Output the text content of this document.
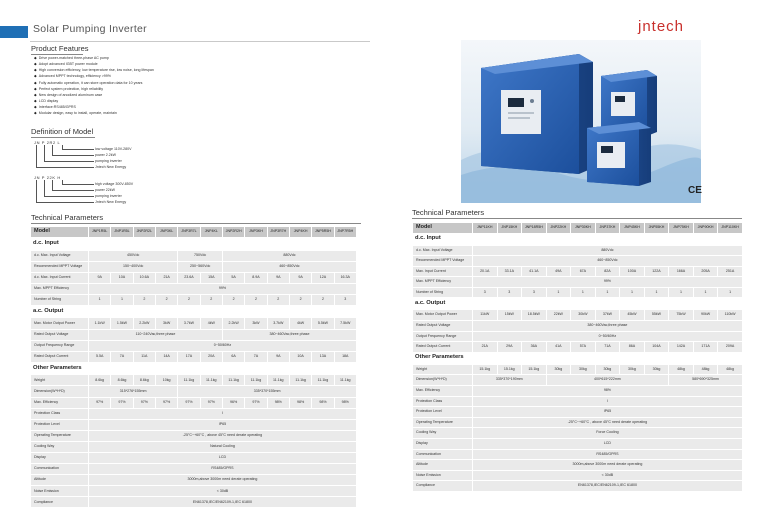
Solar Pumping Inverter
Product Features
◆ Drive power-matched three-phase AC pump
◆ Adopt advanced IGBT power module
◆ High conversion efficiency, low temperature rise, low noise, long lifespan
◆ Advanced MPPT technology, efficiency >99%
◆ Fully automatic operation, it can store operation data for 10 years
◆ Perfect system protection, high reliability
◆ New design of anodized aluminum case
◆ LCD display
◆ Interface:RS485/GPRS
◆ Modular design, easy to install, operate, maintain
Definition of Model
JN P 2R2 L
low voltage 110V-280V
power 2.2kW
pumping inverter
Jntech New Energy
JN P 22K H
high voltage 300V-850V
power 22kW
pumping inverter
Jntech New Energy
Technical Parameters
Model	JNP1R5L	JNP1R5L	JNP2R2L	JNP3KL	JNP3R7L	JNP4KL	JNP2R2H	JNP3KH	JNP3R7H	JNP4KH	JNP5R5H	JNP7R5H
d.c. Input												
d.c. Max. Input Voltage	450Vdc				750Vdc		880Vdc					
Recommended MPPT Voltage	150~400Vdc				250~560Vdc		460~850Vdc					
d.c. Max. Input Current	9A	10A	10.6A	21A	23.6A	15A	5A	8.9A	9A	9A	12A	16.3A
Max. MPPT Efficiency	99%											
Number of String	1	1	2	2	2	2	2	2	2	2	2	3
a.c. Output												
Max. Motor Output Power	1.1kW	1.5kW	2.2kW	3kW	3.7kW	4kW	2.2kW	3kW	3.7kW	4kW	5.5kW	7.5kW
Rated Output Voltage	110~240Vac,three phase						380~460Vac,three phase					
Output Frequency Range	0~50/60Hz											
Rated Output Current	5.5A	7A	11A	14A	17A	20A	6A	7A	9A	10A	13A	18A
Other Parameters												
Weight	8.6kg	8.6kg	8.6kg	10kg	11.1kg	11.1kg	11.1kg	11.1kg	11.1kg	11.1kg	11.1kg	11.1kg
Dimension(W*H*D)	315*276*155mm				335*370*155mm							
Max. Efficiency	97%	97%	97%	97%	97%	97%	96%	97%	98%	98%	98%	98%
Protection Class	I											
Protection Level	IP65											
Operating Temperature	-25°C~+60°C , above 45°C need derate operating											
Cooling Way	Natural Cooling											
Display	LCD											
Communication	RS485/GPRS											
Altitude	3000m,above 3000m need derate operating											
Noise Emission	< 30dB											
Compliance	EN61378,IEC/EN62109-1,IEC 61800											
jntech
CE
Technical Parameters
Model	JNP11KH	JNP15KH	JNP18R5H	JNP22KH	JNP30KH	JNP37KH	JNP45KH	JNP55KH	JNP75KH	JNP90KH	JNP110KH
d.c. Input											
d.c. Max. Input Voltage	880Vdc										
Recommended MPPT Voltage	460~850Vdc										
Max. Input Current	20.1A	33.1A	41.1A	49A	67A	82A	100A	122A	166A	205A	251A
Max. MPPT Efficiency	99%										
Number of String	3	3	3	1	1	1	1	1	1	1	1
a.c. Output											
Max. Motor Output Power	11kW	15kW	18.5kW	22kW	30kW	37kW	45kW	55kW	75kW	90kW	110kW
Rated Output Voltage	380~460Vac,three phase										
Output Frequency Range	0~50/60Hz										
Rated Output Current	21A	29A	36A	41A	57A	71A	86A	104A	142A	171A	209A
Other Parameters											
Weight	15.1kg	15.1kg	15.1kg	30kg	30kg	30kg	30kg	30kg	48kg	48kg	48kg
Dimension(W*H*D)	335*370*190mm			400*615*222mm					580*690*325mm		
Max. Efficiency	98%										
Protection Class	I										
Protection Level	IP65										
Operating Temperature	-25°C~+60°C , above 45°C need derate operating										
Cooling Way	Force Cooling										
Display	LCD										
Communication	RS485/GPRS										
Altitude	3000m,above 3000m need derate operating										
Noise Emission	< 30dB										
Compliance	EN61378,IEC/EN62109-1,IEC 61800										
